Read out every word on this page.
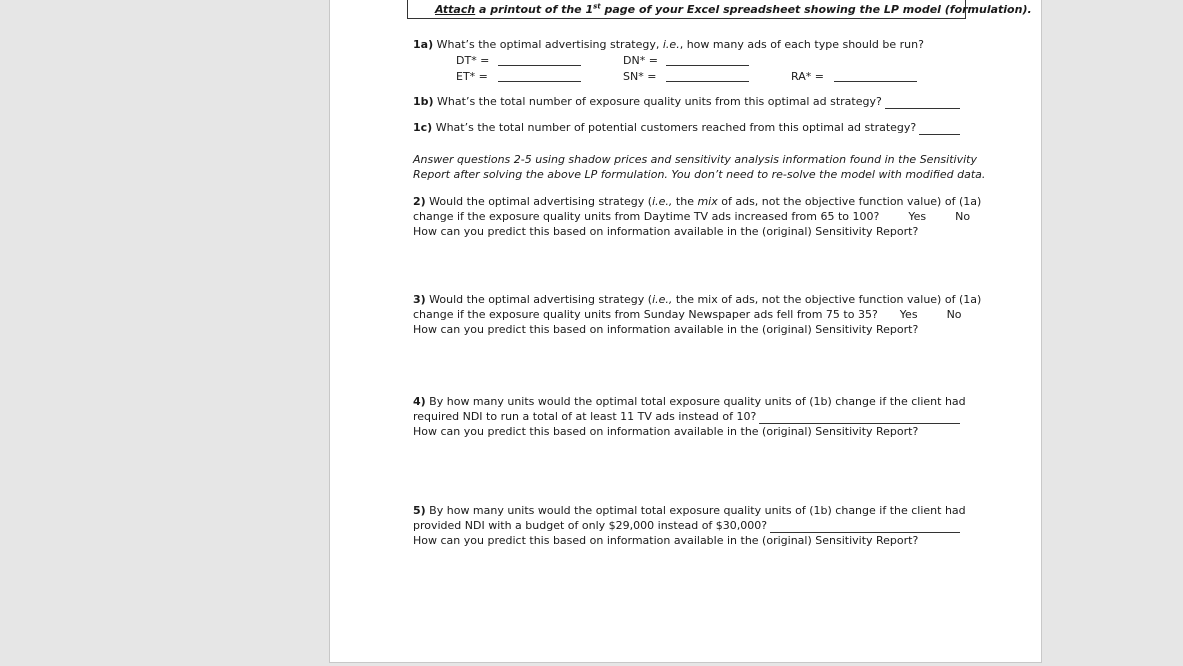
Attach a printout of the 1st page of your Excel spreadsheet showing the LP model (formulation).
1a) What’s the optimal advertising strategy, i.e., how many ads of each type should be run?
DT* =	DN* =
ET* =	SN* =	RA* =
1b) What’s the total number of exposure quality units from this optimal ad strategy?
1c) What’s the total number of potential customers reached from this optimal ad strategy?
Answer questions 2-5 using shadow prices and sensitivity analysis information found in the Sensitivity
Report after solving the above LP formulation. You don’t need to re-solve the model with modified data.
2) Would the optimal advertising strategy (i.e., the mix of ads, not the objective function value) of (1a)
change if the exposure quality units from Daytime TV ads increased from 65 to 100?	Yes	No
How can you predict this based on information available in the (original) Sensitivity Report?
3) Would the optimal advertising strategy (i.e., the mix of ads, not the objective function value) of (1a)
change if the exposure quality units from Sunday Newspaper ads fell from 75 to 35? Yes	No
How can you predict this based on information available in the (original) Sensitivity Report?
4) By how many units would the optimal total exposure quality units of (1b) change if the client had
required NDI to run a total of at least 11 TV ads instead of 10?
How can you predict this based on information available in the (original) Sensitivity Report?
5) By how many units would the optimal total exposure quality units of (1b) change if the client had
provided NDI with a budget of only $29,000 instead of $30,000?
How can you predict this based on information available in the (original) Sensitivity Report?
